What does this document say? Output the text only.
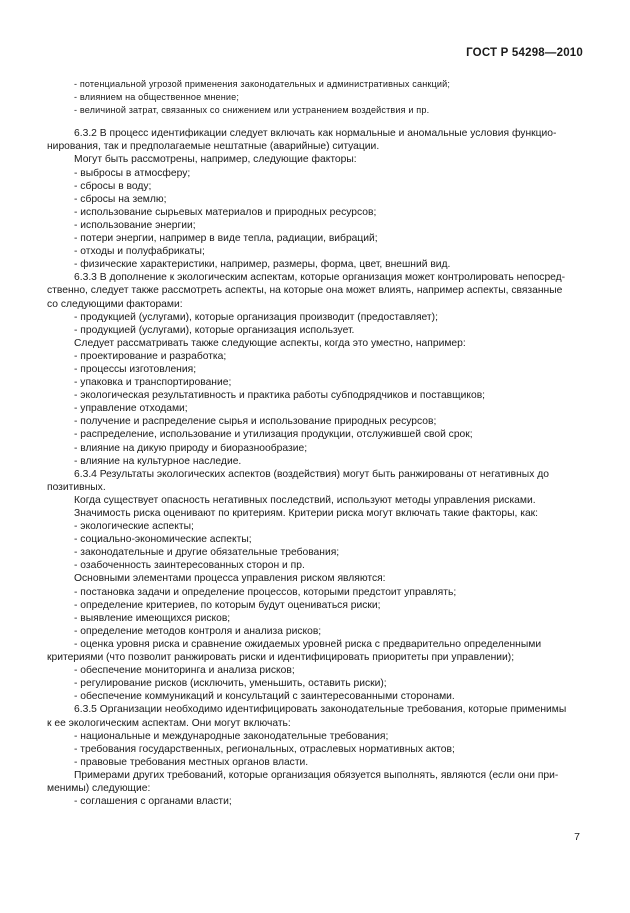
ГОСТ Р 54298—2010

- потенциальной угрозой применения законодательных и административных санкций;

- влиянием на общественное мнение;

- величиной затрат, связанных со снижением или устранением воздействия и пр.

6.3.2 В процесс идентификации следует включать как нормальные и аномальные условия функцио-

нирования, так и предполагаемые нештатные (аварийные) ситуации.

Могут быть рассмотрены, например, следующие факторы:

- выбросы в атмосферу;

- сбросы в воду;

- сбросы на землю;

- использование сырьевых материалов и природных ресурсов;

- использование энергии;

- потери энергии, например в виде тепла, радиации, вибраций;

- отходы и полуфабрикаты;

- физические характеристики, например, размеры, форма, цвет, внешний вид.

6.3.3 В дополнение к экологическим аспектам, которые организация может контролировать непосред-

ственно, следует также рассмотреть аспекты, на которые она может влиять, например аспекты, связанные

со следующими факторами:

- продукцией (услугами), которые организация производит (предоставляет);

- продукцией (услугами), которые организация использует.

Следует рассматривать также следующие аспекты, когда это уместно, например:

- проектирование и разработка;

- процессы изготовления;

- упаковка и транспортирование;

- экологическая результативность и практика работы субподрядчиков и поставщиков;

- управление отходами;

- получение и распределение сырья и использование природных ресурсов;

- распределение, использование и утилизация продукции, отслужившей свой срок;

- влияние на дикую природу и биоразнообразие;

- влияние на культурное наследие.

6.3.4 Результаты экологических аспектов (воздействия) могут быть ранжированы от негативных до

позитивных.

Когда существует опасность негативных последствий, используют методы управления рисками.

Значимость риска оценивают по критериям. Критерии риска могут включать такие факторы, как:

- экологические аспекты;

- социально-экономические аспекты;

- законодательные и другие обязательные требования;

- озабоченность заинтересованных сторон и пр.

Основными элементами процесса управления риском являются:

- постановка задачи и определение процессов, которыми предстоит управлять;

- определение критериев, по которым будут оцениваться риски;

- выявление имеющихся рисков;

- определение методов контроля и анализа рисков;

- оценка уровня риска и сравнение ожидаемых уровней риска с предварительно определенными

критериями (что позволит ранжировать риски и идентифицировать приоритеты при управлении);

- обеспечение мониторинга и анализа рисков;

- регулирование рисков (исключить, уменьшить, оставить риски);

- обеспечение коммуникаций и консультаций с заинтересованными сторонами.

6.3.5 Организации необходимо идентифицировать законодательные требования, которые применимы

к ее экологическим аспектам. Они могут включать:

- национальные и международные законодательные требования;

- требования государственных, региональных, отраслевых нормативных актов;

- правовые требования местных органов власти.

Примерами других требований, которые организация обязуется выполнять, являются (если они при-

менимы) следующие:

- соглашения с органами власти;

7
